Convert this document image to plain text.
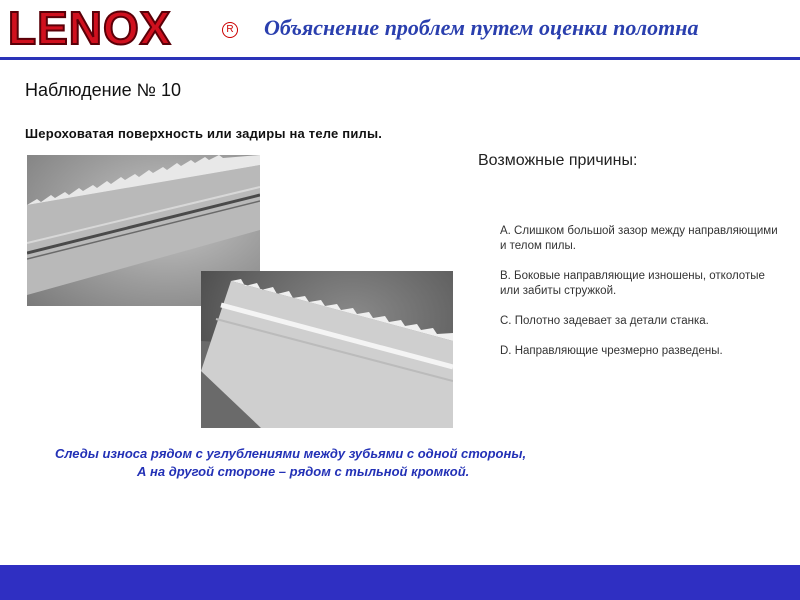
LENOX	R Объяснение проблем путем оценки полотна
Наблюдение № 10
Шероховатая поверхность или задиры на теле пилы.
Возможные причины:
А. Слишком большой зазор между направляющими и телом пилы.
В. Боковые направляющие изношены, отколотые или забиты стружкой.
С. Полотно задевает за детали станка.
D. Направляющие чрезмерно разведены.
Следы износа рядом с углублениями между зубьями с одной стороны,
А на другой стороне – рядом с тыльной кромкой.
